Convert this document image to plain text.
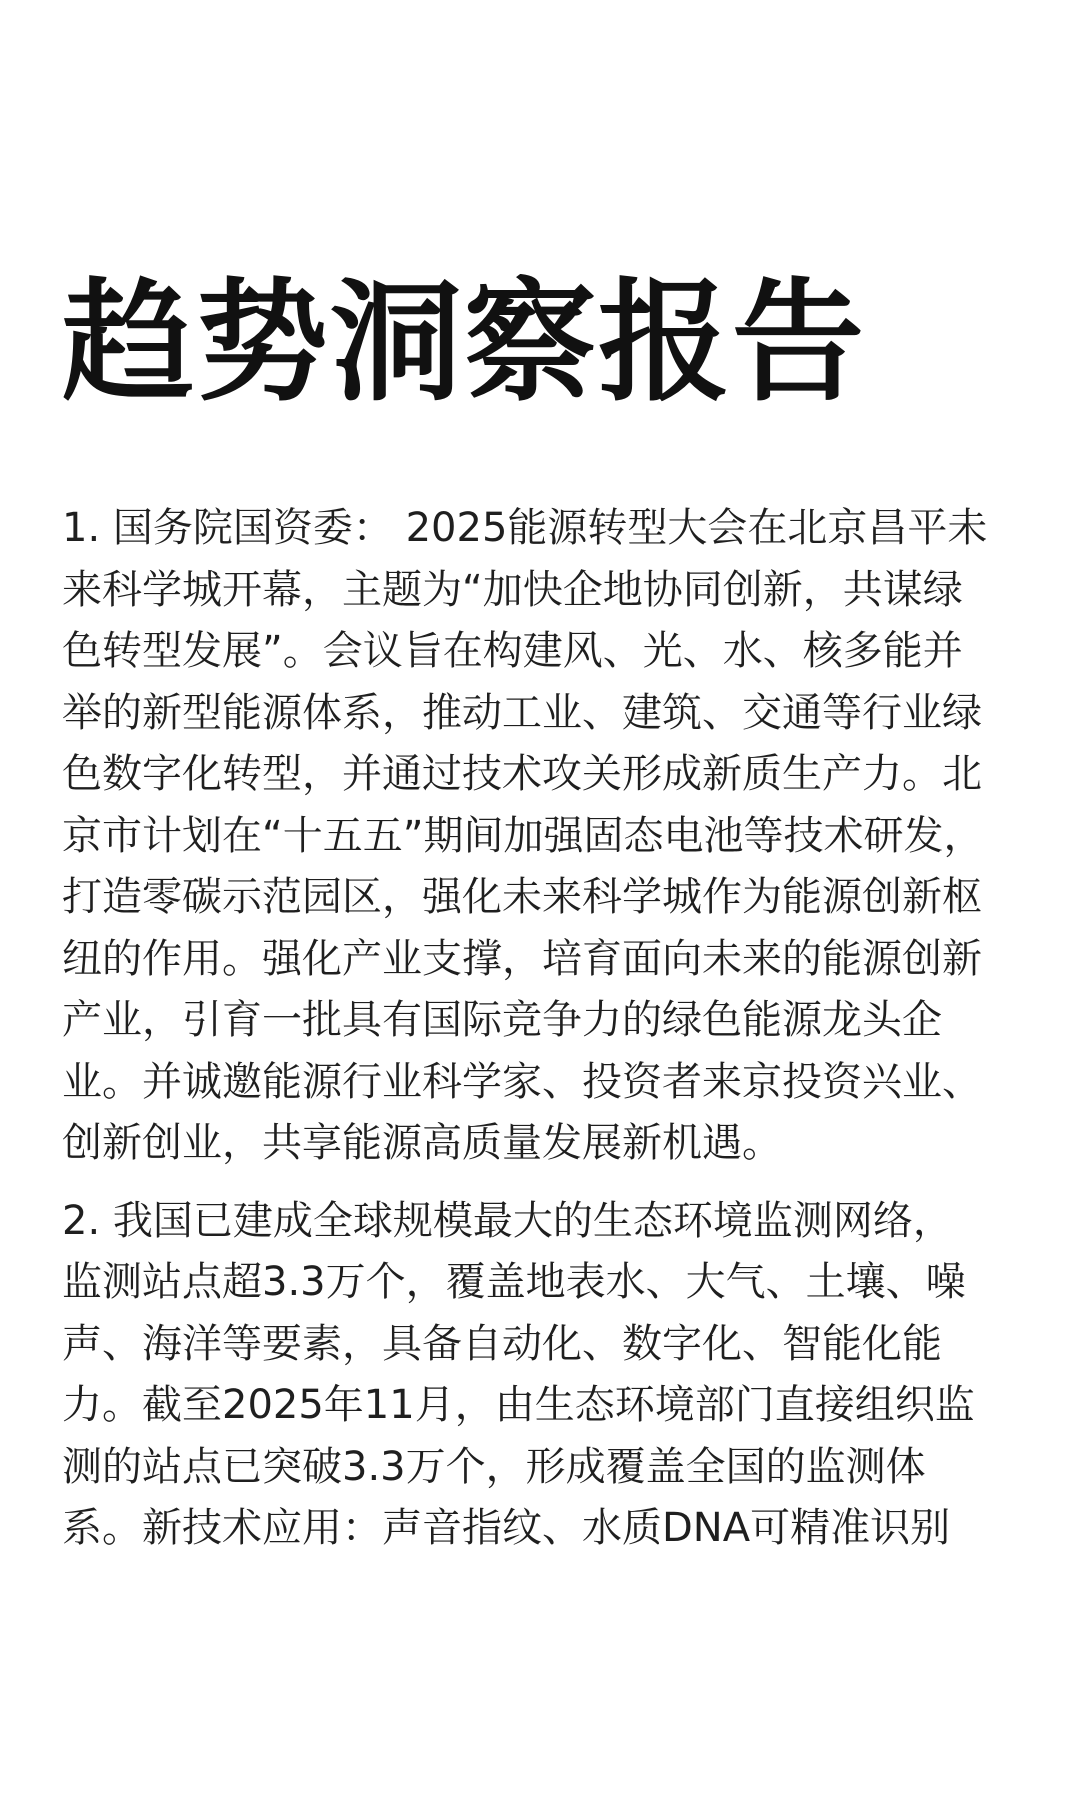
趋势洞察报告

1. 国务院国资委： 2025能源转型大会在北京昌平未
来科学城开幕，主题为“加快企地协同创新，共谋绿
色转型发展”。会议旨在构建风、光、水、核多能并
举的新型能源体系，推动工业、建筑、交通等行业绿
色数字化转型，并通过技术攻关形成新质生产力。北
京市计划在“十五五”期间加强固态电池等技术研发，
打造零碳示范园区，强化未来科学城作为能源创新枢
纽的作用。强化产业支撑，培育面向未来的能源创新
产业，引育一批具有国际竞争力的绿色能源龙头企
业。并诚邀能源行业科学家、投资者来京投资兴业、
创新创业，共享能源高质量发展新机遇。

2. 我国已建成全球规模最大的生态环境监测网络，
监测站点超3.3万个，覆盖地表水、大气、土壤、噪
声、海洋等要素，具备自动化、数字化、智能化能
力。截至2025年11月，由生态环境部门直接组织监
测的站点已突破3.3万个，形成覆盖全国的监测体
系。新技术应用：声音指纹、水质DNA可精准识别
